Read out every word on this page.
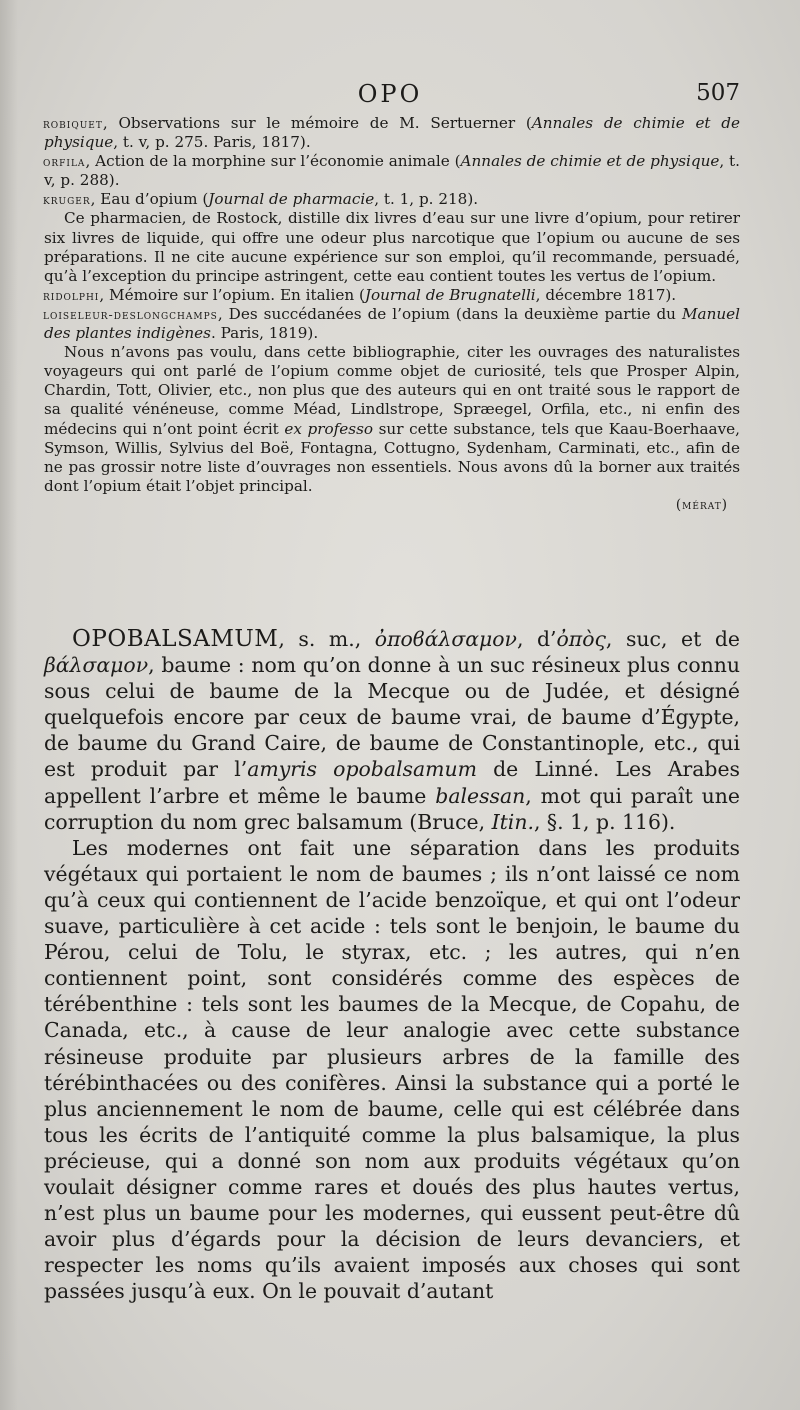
OPO	507

robiquet, Observations sur le mémoire de M. Sertuerner (Annales de chimie et de physique, t. v, p. 275. Paris, 1817).

orfila, Action de la morphine sur l’économie animale (Annales de chimie et de physique, t. v, p. 288).

kruger, Eau d’opium (Journal de pharmacie, t. 1, p. 218).

Ce pharmacien, de Rostock, distille dix livres d’eau sur une livre d’opium, pour retirer six livres de liquide, qui offre une odeur plus narcotique que l’opium ou aucune de ses préparations. Il ne cite aucune expérience sur son emploi, qu’il recommande, persuadé, qu’à l’exception du principe astringent, cette eau contient toutes les vertus de l’opium.

ridolphi, Mémoire sur l’opium. En italien (Journal de Brugnatelli, décembre 1817).

loiseleur-deslongchamps, Des succédanées de l’opium (dans la deuxième partie du Manuel des plantes indigènes. Paris, 1819).

Nous n’avons pas voulu, dans cette bibliographie, citer les ouvrages des naturalistes voyageurs qui ont parlé de l’opium comme objet de curiosité, tels que Prosper Alpin, Chardin, Tott, Olivier, etc., non plus que des auteurs qui en ont traité sous le rapport de sa qualité vénéneuse, comme Méad, Lindlstrope, Spræegel, Orfila, etc., ni enfin des médecins qui n’ont point écrit ex professo sur cette substance, tels que Kaau-Boerhaave, Symson, Willis, Sylvius del Boë, Fontagna, Cottugno, Sydenham, Carminati, etc., afin de ne pas grossir notre liste d’ouvrages non essentiels. Nous avons dû la borner aux traités dont l’opium était l’objet principal.

(mérat)

OPOBALSAMUM, s. m., ὀποϐάλσαμον, d’ὀπὸς, suc, et de βάλσαμον, baume : nom qu’on donne à un suc résineux plus connu sous celui de baume de la Mecque ou de Judée, et désigné quelquefois encore par ceux de baume vrai, de baume d’Égypte, de baume du Grand Caire, de baume de Constantinople, etc., qui est produit par l’amyris opobalsamum de Linné. Les Arabes appellent l’arbre et même le baume balessan, mot qui paraît une corruption du nom grec balsamum (Bruce, Itin., §. 1, p. 116).

Les modernes ont fait une séparation dans les produits végétaux qui portaient le nom de baumes ; ils n’ont laissé ce nom qu’à ceux qui contiennent de l’acide benzoïque, et qui ont l’odeur suave, particulière à cet acide : tels sont le benjoin, le baume du Pérou, celui de Tolu, le styrax, etc. ; les autres, qui n’en contiennent point, sont considérés comme des espèces de térébenthine : tels sont les baumes de la Mecque, de Copahu, de Canada, etc., à cause de leur analogie avec cette substance résineuse produite par plusieurs arbres de la famille des térébinthacées ou des conifères. Ainsi la substance qui a porté le plus anciennement le nom de baume, celle qui est célébrée dans tous les écrits de l’antiquité comme la plus balsamique, la plus précieuse, qui a donné son nom aux produits végétaux qu’on voulait désigner comme rares et doués des plus hautes vertus, n’est plus un baume pour les modernes, qui eussent peut-être dû avoir plus d’égards pour la décision de leurs devanciers, et respecter les noms qu’ils avaient imposés aux choses qui sont passées jusqu’à eux. On le pouvait d’autant
